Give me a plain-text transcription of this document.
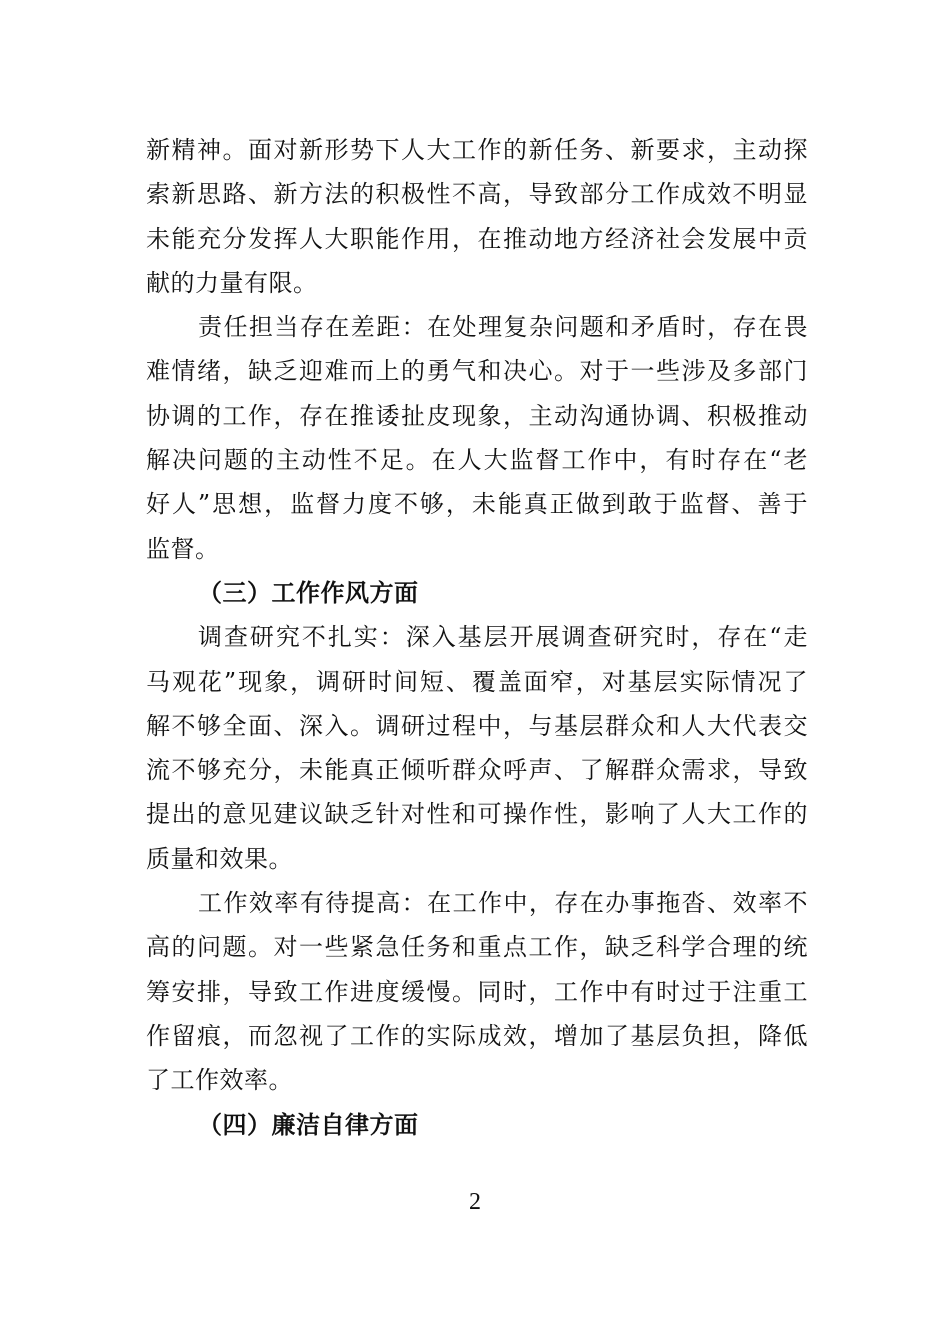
新精神。面对新形势下人大工作的新任务、新要求，主动探
索新思路、新方法的积极性不高，导致部分工作成效不明显
未能充分发挥人大职能作用，在推动地方经济社会发展中贡
献的力量有限。
责任担当存在差距：在处理复杂问题和矛盾时，存在畏
难情绪，缺乏迎难而上的勇气和决心。对于一些涉及多部门
协调的工作，存在推诿扯皮现象，主动沟通协调、积极推动
解决问题的主动性不足。在人大监督工作中，有时存在“老
好人”思想，监督力度不够，未能真正做到敢于监督、善于
监督。
（三）工作作风方面
调查研究不扎实：深入基层开展调查研究时，存在“走
马观花”现象，调研时间短、覆盖面窄，对基层实际情况了
解不够全面、深入。调研过程中，与基层群众和人大代表交
流不够充分，未能真正倾听群众呼声、了解群众需求，导致
提出的意见建议缺乏针对性和可操作性，影响了人大工作的
质量和效果。
工作效率有待提高：在工作中，存在办事拖沓、效率不
高的问题。对一些紧急任务和重点工作，缺乏科学合理的统
筹安排，导致工作进度缓慢。同时，工作中有时过于注重工
作留痕，而忽视了工作的实际成效，增加了基层负担，降低
了工作效率。
（四）廉洁自律方面
2
